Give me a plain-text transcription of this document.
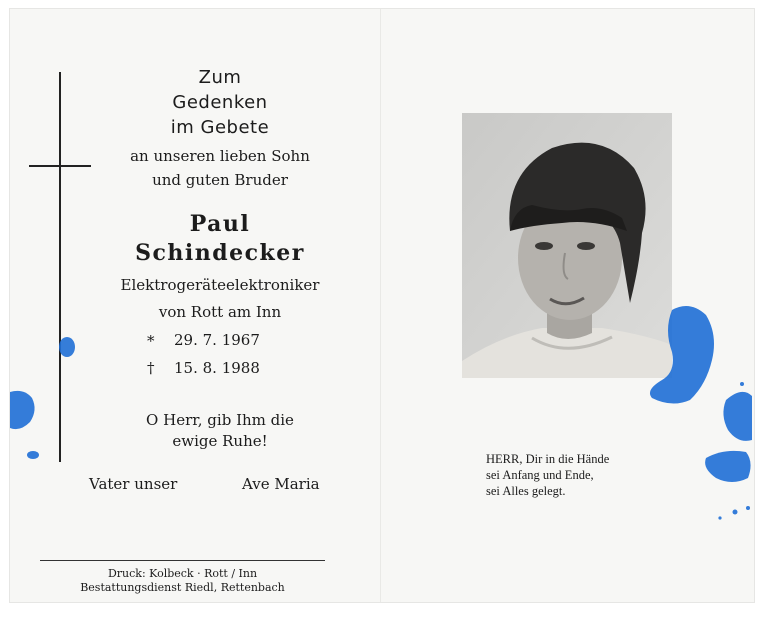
Zum
Gedenken
im Gebete
an unseren lieben Sohn
und guten Bruder
Paul
Schindecker
Elektrogeräteelektroniker
von Rott am Inn
* 29. 7. 1967
† 15. 8. 1988
O Herr, gib Ihm die
ewige Ruhe!
Vater unser	Ave Maria
Druck: Kolbeck · Rott / Inn
Bestattungsdienst Riedl, Rettenbach
HERR, Dir in die Hände
sei Anfang und Ende,
sei Alles gelegt.
